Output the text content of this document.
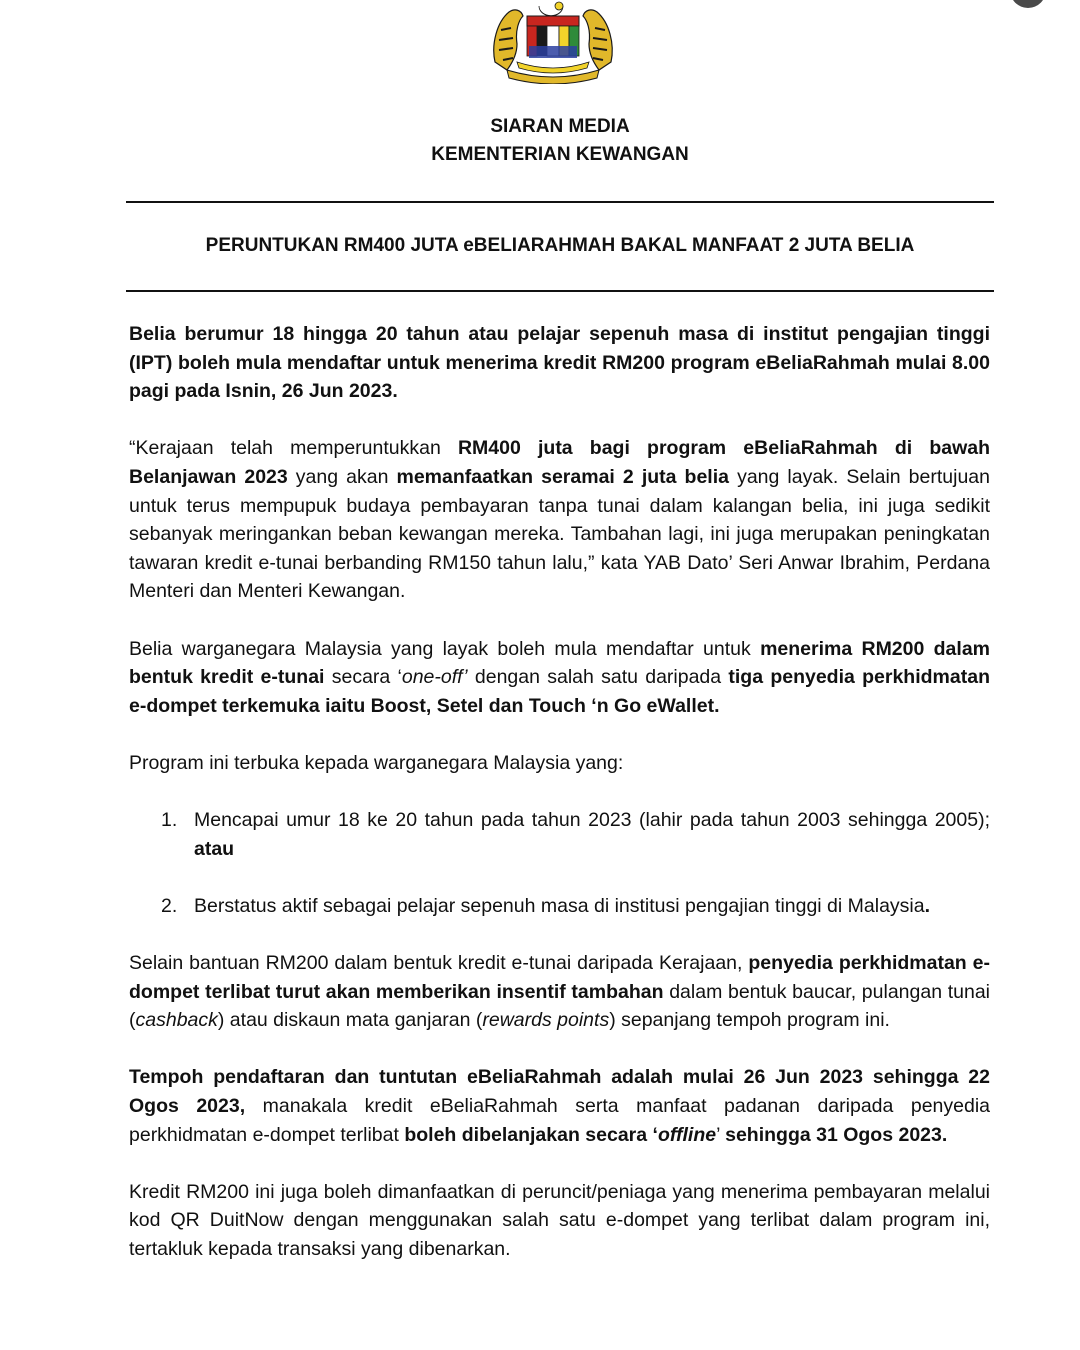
SIARAN MEDIA
KEMENTERIAN KEWANGAN
PERUNTUKAN RM400 JUTA eBELIARAHMAH BAKAL MANFAAT 2 JUTA BELIA

Belia berumur 18 hingga 20 tahun atau pelajar sepenuh masa di institut pengajian tinggi (IPT) boleh mula mendaftar untuk menerima kredit RM200 program eBeliaRahmah mulai 8.00 pagi pada Isnin, 26 Jun 2023.

“Kerajaan telah memperuntukkan RM400 juta bagi program eBeliaRahmah di bawah Belanjawan 2023 yang akan memanfaatkan seramai 2 juta belia yang layak. Selain bertujuan untuk terus mempupuk budaya pembayaran tanpa tunai dalam kalangan belia, ini juga sedikit sebanyak meringankan beban kewangan mereka. Tambahan lagi, ini juga merupakan peningkatan tawaran kredit e-tunai berbanding RM150 tahun lalu,” kata YAB Dato’ Seri Anwar Ibrahim, Perdana Menteri dan Menteri Kewangan.

Belia warganegara Malaysia yang layak boleh mula mendaftar untuk menerima RM200 dalam bentuk kredit e-tunai secara ‘one-off’ dengan salah satu daripada tiga penyedia perkhidmatan e-dompet terkemuka iaitu Boost, Setel dan Touch ‘n Go eWallet.

Program ini terbuka kepada warganegara Malaysia yang:

1. Mencapai umur 18 ke 20 tahun pada tahun 2023 (lahir pada tahun 2003 sehingga 2005); atau
2. Berstatus aktif sebagai pelajar sepenuh masa di institusi pengajian tinggi di Malaysia.

Selain bantuan RM200 dalam bentuk kredit e-tunai daripada Kerajaan, penyedia perkhidmatan e-dompet terlibat turut akan memberikan insentif tambahan dalam bentuk baucar, pulangan tunai (cashback) atau diskaun mata ganjaran (rewards points) sepanjang tempoh program ini.

Tempoh pendaftaran dan tuntutan eBeliaRahmah adalah mulai 26 Jun 2023 sehingga 22 Ogos 2023, manakala kredit eBeliaRahmah serta manfaat padanan daripada penyedia perkhidmatan e-dompet terlibat boleh dibelanjakan secara ‘offline’ sehingga 31 Ogos 2023.

Kredit RM200 ini juga boleh dimanfaatkan di peruncit/peniaga yang menerima pembayaran melalui kod QR DuitNow dengan menggunakan salah satu e-dompet yang terlibat dalam program ini, tertakluk kepada transaksi yang dibenarkan.
